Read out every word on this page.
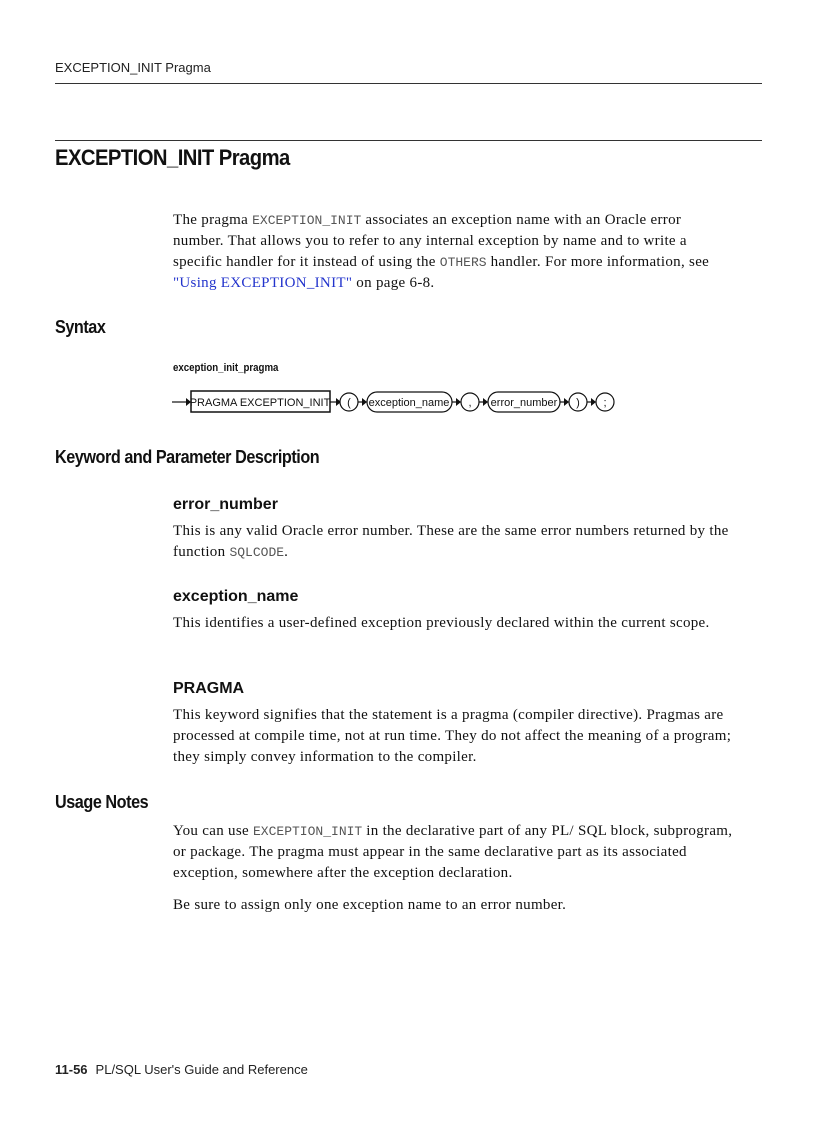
EXCEPTION_INIT Pragma
EXCEPTION_INIT Pragma

The pragma EXCEPTION_INIT associates an exception name with an Oracle error number. That allows you to refer to any internal exception by name and to write a specific handler for it instead of using the OTHERS handler. For more information, see "Using EXCEPTION_INIT" on page 6-8.

Syntax
exception_init_pragma
PRAGMA EXCEPTION_INIT ( exception_name , error_number ) ;
Keyword and Parameter Description
error_number

This is any valid Oracle error number. These are the same error numbers returned by the function SQLCODE.

exception_name

This identifies a user-defined exception previously declared within the current scope.

PRAGMA

This keyword signifies that the statement is a pragma (compiler directive). Pragmas are processed at compile time, not at run time. They do not affect the meaning of a program; they simply convey information to the compiler.

Usage Notes

You can use EXCEPTION_INIT in the declarative part of any PL/ SQL block, subprogram, or package. The pragma must appear in the same declarative part as its associated exception, somewhere after the exception declaration.

Be sure to assign only one exception name to an error number.

11-56 PL/SQL User's Guide and Reference
